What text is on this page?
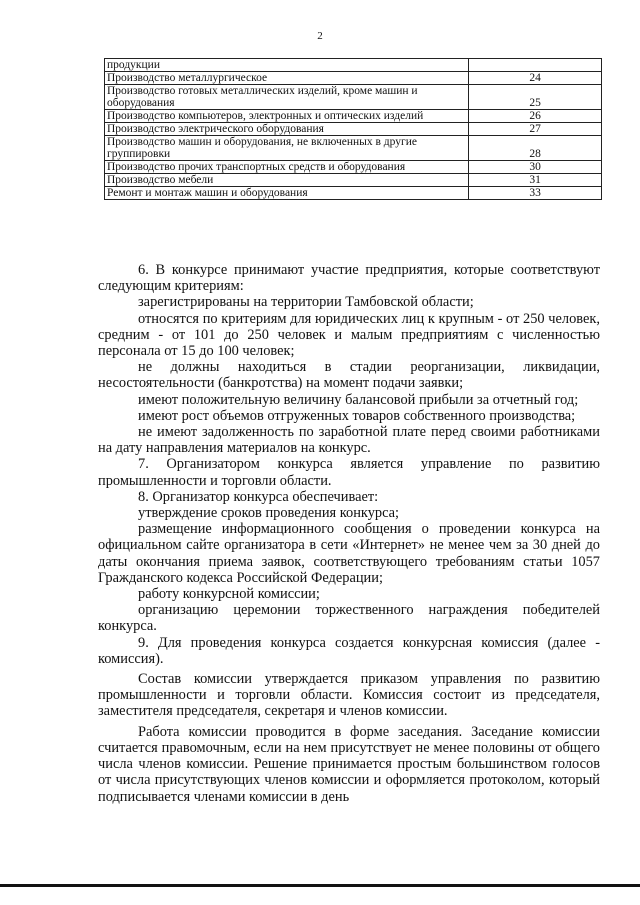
2
продукции	
Производство металлургическое	24
Производство готовых металлических изделий, кроме машин и оборудования	25
Производство компьютеров, электронных и оптических изделий	26
Производство электрического оборудования	27
Производство машин и оборудования, не включенных в другие группировки	28
Производство прочих транспортных средств и оборудования	30
Производство мебели	31
Ремонт и монтаж машин и оборудования	33

6. В конкурсе принимают участие предприятия, которые соответствуют следующим критериям:

зарегистрированы на территории Тамбовской области;

относятся по критериям для юридических лиц к крупным - от 250 человек, средним - от 101 до 250 человек и малым предприятиям с численностью персонала от 15 до 100 человек;

не должны находиться в стадии реорганизации, ликвидации, несостоятельности (банкротства) на момент подачи заявки;

имеют положительную величину балансовой прибыли за отчетный год;

имеют рост объемов отгруженных товаров собственного производства;

не имеют задолженность по заработной плате перед своими работниками на дату направления материалов на конкурс.

7. Организатором конкурса является управление по развитию промышленности и торговли области.

8. Организатор конкурса обеспечивает:

утверждение сроков проведения конкурса;

размещение информационного сообщения о проведении конкурса на официальном сайте организатора в сети «Интернет» не менее чем за 30 дней до даты окончания приема заявок, соответствующего требованиям статьи 1057 Гражданского кодекса Российской Федерации;

работу конкурсной комиссии;

организацию церемонии торжественного награждения победителей конкурса.

9. Для проведения конкурса создается конкурсная комиссия (далее - комиссия).

Состав комиссии утверждается приказом управления по развитию промышленности и торговли области. Комиссия состоит из председателя, заместителя председателя, секретаря и членов комиссии.

Работа комиссии проводится в форме заседания. Заседание комиссии считается правомочным, если на нем присутствует не менее половины от общего числа членов комиссии. Решение принимается простым большинством голосов от числа присутствующих членов комиссии и оформляется протоколом, который подписывается членами комиссии в день
